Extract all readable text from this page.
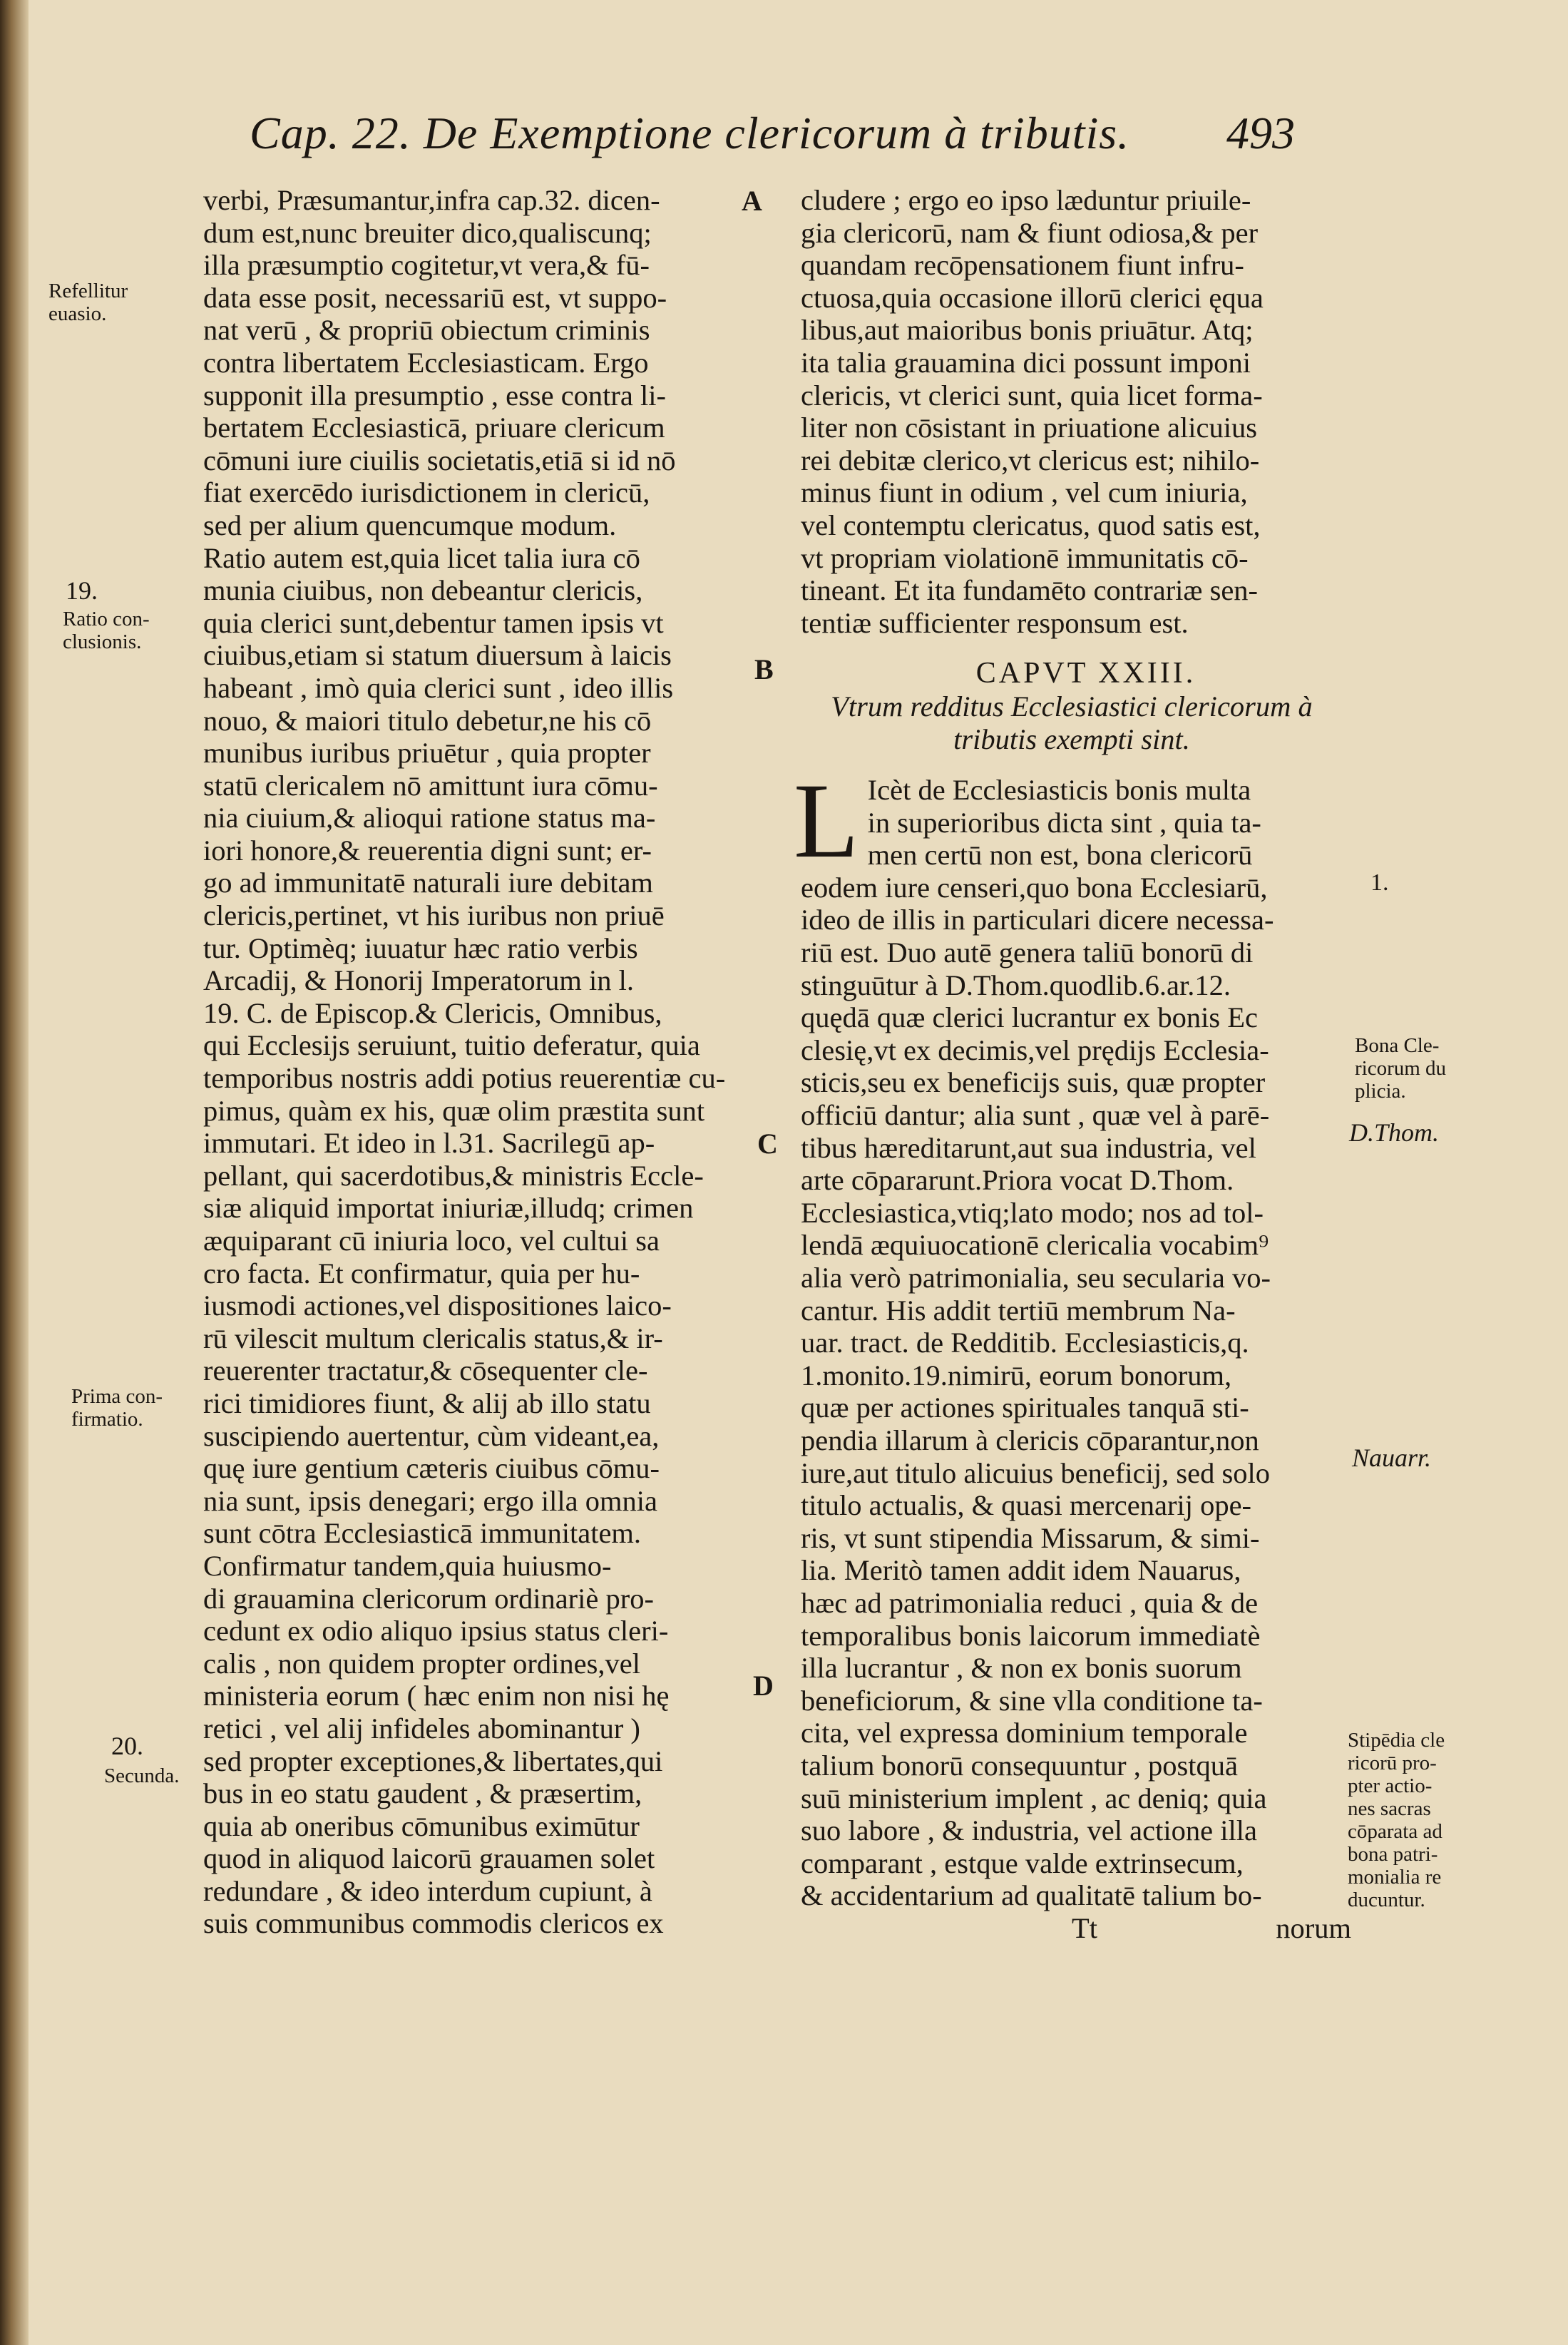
Cap. 22. De Exemptione clericorum à tributis.	493
verbi, Præsumantur,infra cap.32. dicen-
dum est,nunc breuiter dico,qualiscunq;
illa præsumptio cogitetur,vt vera,& fū-
data esse posit, necessariū est, vt suppo-
nat verū , & propriū obiectum criminis
contra libertatem Ecclesiasticam. Ergo
supponit illa presumptio , esse contra li-
bertatem Ecclesiasticā, priuare clericum
cōmuni iure ciuilis societatis,etiā si id nō
fiat exercēdo iurisdictionem in clericū,
sed per alium quencumque modum.
Ratio autem est,quia licet talia iura cō
munia ciuibus, non debeantur clericis,
quia clerici sunt,debentur tamen ipsis vt
ciuibus,etiam si statum diuersum à laicis
habeant , imò quia clerici sunt , ideo illis
nouo, & maiori titulo debetur,ne his cō
munibus iuribus priuētur , quia propter
statū clericalem nō amittunt iura cōmu-
nia ciuium,& alioqui ratione status ma-
iori honore,& reuerentia digni sunt; er-
go ad immunitatē naturali iure debitam
clericis,pertinet, vt his iuribus non priuē
tur. Optimèq; iuuatur hæc ratio verbis
Arcadij, & Honorij Imperatorum in l.
19. C. de Episcop.& Clericis, Omnibus,
qui Ecclesijs seruiunt, tuitio deferatur, quia
temporibus nostris addi potius reuerentiæ cu-
pimus, quàm ex his, quæ olim præstita sunt
immutari. Et ideo in l.31. Sacrilegū ap-
pellant, qui sacerdotibus,& ministris Eccle-
siæ aliquid importat iniuriæ,illudq; crimen
æquiparant cū iniuria loco, vel cultui sa
cro facta. Et confirmatur, quia per hu-
iusmodi actiones,vel dispositiones laico-
rū vilescit multum clericalis status,& ir-
reuerenter tractatur,& cōsequenter cle-
rici timidiores fiunt, & alij ab illo statu
suscipiendo auertentur, cùm videant,ea,
quę iure gentium cæteris ciuibus cōmu-
nia sunt, ipsis denegari; ergo illa omnia
sunt cōtra Ecclesiasticā immunitatem.
Confirmatur tandem,quia huiusmo-
di grauamina clericorum ordinariè pro-
cedunt ex odio aliquo ipsius status cleri-
calis , non quidem propter ordines,vel
ministeria eorum ( hæc enim non nisi hę
retici , vel alij infideles abominantur )
sed propter exceptiones,& libertates,qui
bus in eo statu gaudent , & præsertim,
quia ab oneribus cōmunibus eximūtur
quod in aliquod laicorū grauamen solet
redundare , & ideo interdum cupiunt, à
suis communibus commodis clericos ex
cludere ; ergo eo ipso læduntur priuile-
gia clericorū, nam & fiunt odiosa,& per
quandam recōpensationem fiunt infru-
ctuosa,quia occasione illorū clerici ęqua
libus,aut maioribus bonis priuātur. Atq;
ita talia grauamina dici possunt imponi
clericis, vt clerici sunt, quia licet forma-
liter non cōsistant in priuatione alicuius
rei debitæ clerico,vt clericus est; nihilo-
minus fiunt in odium , vel cum iniuria,
vel contemptu clericatus, quod satis est,
vt propriam violationē immunitatis cō-
tineant. Et ita fundamēto contrariæ sen-
tentiæ sufficienter responsum est.
CAPVT XXIII.
Vtrum redditus Ecclesiastici clericorum à
tributis exempti sint.
L Icèt de Ecclesiasticis bonis multa
in superioribus dicta sint , quia ta-
men certū non est, bona clericorū
eodem iure censeri,quo bona Ecclesiarū,
ideo de illis in particulari dicere necessa-
riū est. Duo autē genera taliū bonorū di
stinguūtur à D.Thom.quodlib.6.ar.12.
quędā quæ clerici lucrantur ex bonis Ec
clesię,vt ex decimis,vel prędijs Ecclesia-
sticis,seu ex beneficijs suis, quæ propter
officiū dantur; alia sunt , quæ vel à parē-
tibus hæreditarunt,aut sua industria, vel
arte cōpararunt.Priora vocat D.Thom.
Ecclesiastica,vtiq;lato modo; nos ad tol-
lendā æquiuocationē clericalia vocabim⁹
alia verò patrimonialia, seu secularia vo-
cantur. His addit tertiū membrum Na-
uar. tract. de Redditib. Ecclesiasticis,q.
1.monito.19.nimirū, eorum bonorum,
quæ per actiones spirituales tanquā sti-
pendia illarum à clericis cōparantur,non
iure,aut titulo alicuius beneficij, sed solo
titulo actualis, & quasi mercenarij ope-
ris, vt sunt stipendia Missarum, & simi-
lia. Meritò tamen addit idem Nauarus,
hæc ad patrimonialia reduci , quia & de
temporalibus bonis laicorum immediatè
illa lucrantur , & non ex bonis suorum
beneficiorum, & sine vlla conditione ta-
cita, vel expressa dominium temporale
talium bonorū consequuntur , postquā
suū ministerium implent , ac deniq; quia
suo labore , & industria, vel actione illa
comparant , estque valde extrinsecum,
& accidentarium ad qualitatē talium bo-
Tt	norum
Refellitur
euasio.
19.
Ratio con-
clusionis.
Prima con-
firmatio.
20.
Secunda.
1.
Bona Cle-
ricorum du
plicia.
D.Thom.
Nauarr.
Stipēdia cle
ricorū pro-
pter actio-
nes sacras
cōparata ad
bona patri-
monialia re
ducuntur.
A
B
C
D
